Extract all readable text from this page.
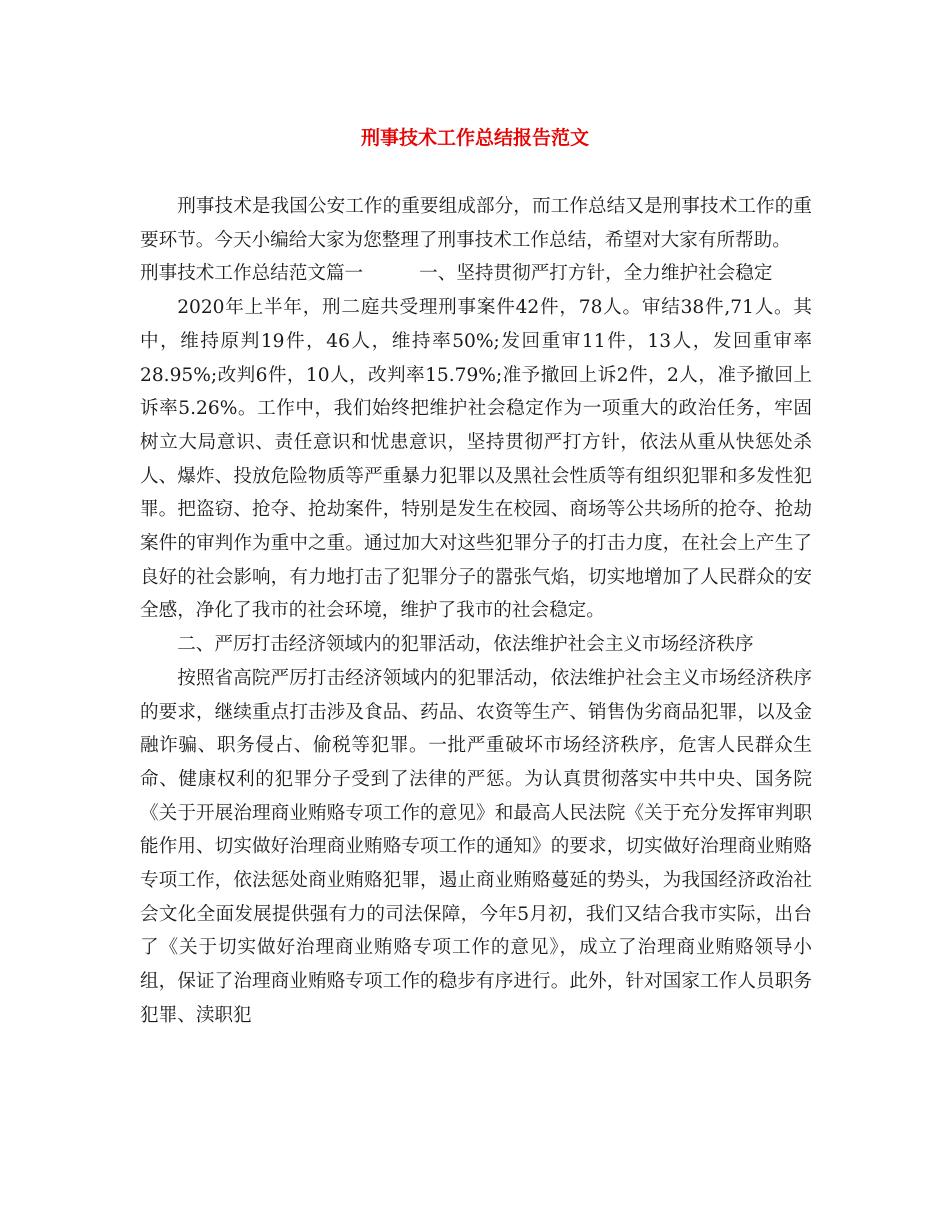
刑事技术工作总结报告范文

刑事技术是我国公安工作的重要组成部分，而工作总结又是刑事技术工作的重要环节。今天小编给大家为您整理了刑事技术工作总结，希望对大家有所帮助。

刑事技术工作总结范文篇一	一、坚持贯彻严打方针，全力维护社会稳定

2020年上半年，刑二庭共受理刑事案件42件，78人。审结38件,71人。其中，维持原判19件，46人，维持率50%;发回重审11件，13人，发回重审率28.95%;改判6件，10人，改判率15.79%;准予撤回上诉2件，2人，准予撤回上诉率5.26%。工作中，我们始终把维护社会稳定作为一项重大的政治任务，牢固树立大局意识、责任意识和忧患意识，坚持贯彻严打方针，依法从重从快惩处杀人、爆炸、投放危险物质等严重暴力犯罪以及黑社会性质等有组织犯罪和多发性犯罪。把盗窃、抢夺、抢劫案件，特别是发生在校园、商场等公共场所的抢夺、抢劫案件的审判作为重中之重。通过加大对这些犯罪分子的打击力度，在社会上产生了良好的社会影响，有力地打击了犯罪分子的嚣张气焰，切实地增加了人民群众的安全感，净化了我市的社会环境，维护了我市的社会稳定。

二、严厉打击经济领域内的犯罪活动，依法维护社会主义市场经济秩序

按照省高院严厉打击经济领域内的犯罪活动，依法维护社会主义市场经济秩序的要求，继续重点打击涉及食品、药品、农资等生产、销售伪劣商品犯罪，以及金融诈骗、职务侵占、偷税等犯罪。一批严重破坏市场经济秩序，危害人民群众生命、健康权利的犯罪分子受到了法律的严惩。为认真贯彻落实中共中央、国务院《关于开展治理商业贿赂专项工作的意见》和最高人民法院《关于充分发挥审判职能作用、切实做好治理商业贿赂专项工作的通知》的要求，切实做好治理商业贿赂专项工作，依法惩处商业贿赂犯罪，遏止商业贿赂蔓延的势头，为我国经济政治社会文化全面发展提供强有力的司法保障，今年5月初，我们又结合我市实际，出台了《关于切实做好治理商业贿赂专项工作的意见》，成立了治理商业贿赂领导小组，保证了治理商业贿赂专项工作的稳步有序进行。此外，针对国家工作人员职务犯罪、渎职犯
